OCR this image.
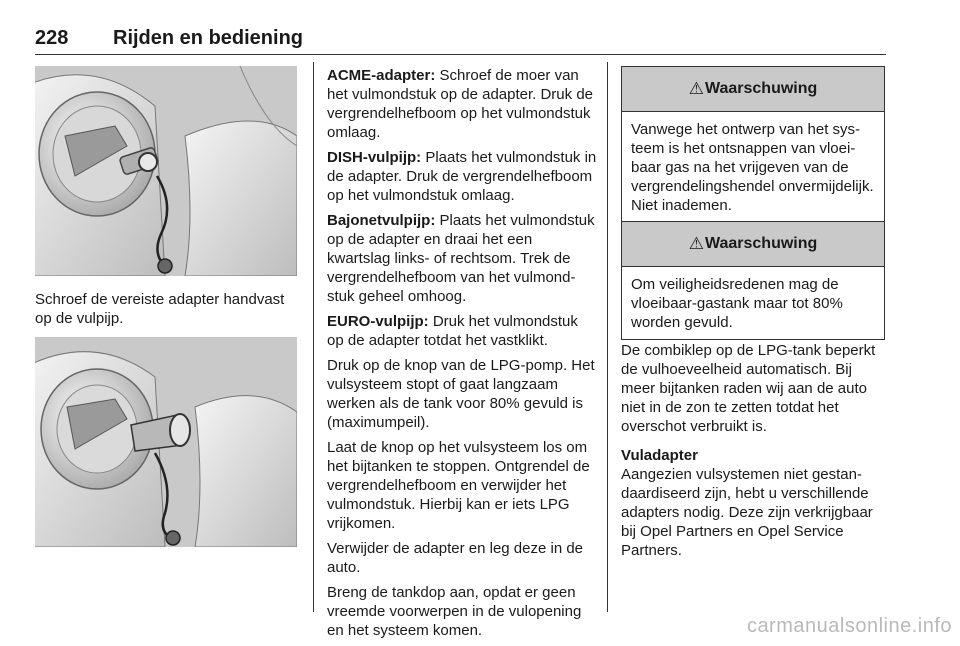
228 Rijden en bediening
Schroef de vereiste adapter handvast op de vulpijp.

ACME-adapter: Schroef de moer van het vulmondstuk op de adapter. Druk de vergrendelhefboom op het vulmondstuk omlaag.

DISH-vulpijp: Plaats het vulmondstuk in de adapter. Druk de vergrendelhefboom op het vulmondstuk omlaag.

Bajonetvulpijp: Plaats het vulmondstuk op de adapter en draai het een kwartslag links- of rechtsom. Trek de vergrendelhefboom van het vulmondstuk geheel omhoog.

EURO-vulpijp: Druk het vulmondstuk op de adapter totdat het vastklikt.

Druk op de knop van de LPG-pomp. Het vulsysteem stopt of gaat langzaam werken als de tank voor 80% gevuld is (maximumpeil).

Laat de knop op het vulsysteem los om het bijtanken te stoppen. Ontgrendel de vergrendelhefboom en verwijder het vulmondstuk. Hierbij kan er iets LPG vrijkomen.

Verwijder de adapter en leg deze in de auto.

Breng de tankdop aan, opdat er geen vreemde voorwerpen in de vulopening en het systeem komen.

⚠ Waarschuwing
Vanwege het ontwerp van het systeem is het ontsnappen van vloeibaar gas na het vrijgeven van de vergrendelingshendel onvermijdelijk. Niet inademen.
⚠ Waarschuwing
Om veiligheidsredenen mag de vloeibaar-gastank maar tot 80% worden gevuld.
De combiklep op de LPG-tank beperkt de vulhoeveelheid automatisch. Bij meer bijtanken raden wij aan de auto niet in de zon te zetten totdat het overschot verbruikt is.

Vuladapter

Aangezien vulsystemen niet gestandaardiseerd zijn, hebt u verschillende adapters nodig. Deze zijn verkrijgbaar bij Opel Partners en Opel Service Partners.

carmanualsonline.info
